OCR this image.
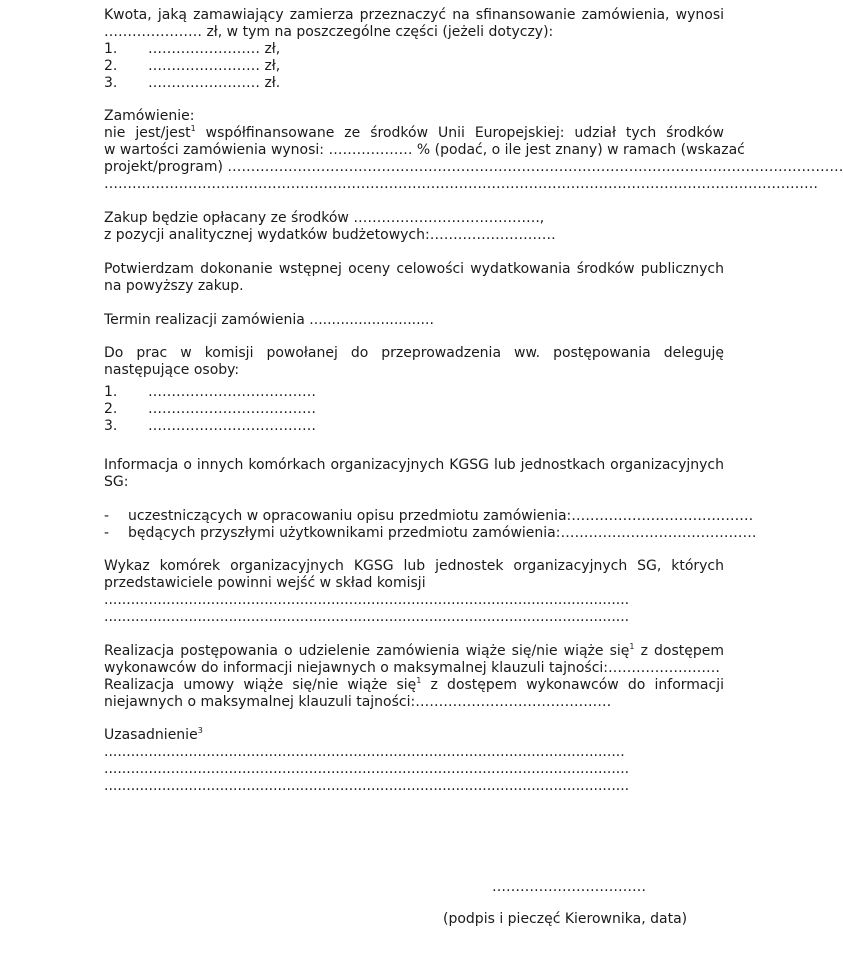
Kwota, jaką zamawiający zamierza przeznaczyć na sfinansowanie zamówienia, wynosi
………………… zł, w tym na poszczególne części (jeżeli dotyczy):
1. …………………… zł,
2. …………………… zł,
3. …………………… zł.
Zamówienie:
nie jest/jest$^1$ współfinansowane ze środków Unii Europejskiej: udział tych środków
w wartości zamówienia wynosi: ……………… % (podać, o ile jest znany) w ramach (wskazać
projekt/program) ……………………………………………………………………………………………………………………
………………………………………………………………………………………………………………………………………
Zakup będzie opłacany ze środków ………………………………….,
z pozycji analitycznej wydatków budżetowych:………………………
Potwierdzam dokonanie wstępnej oceny celowości wydatkowania środków publicznych
na powyższy zakup.
Termin realizacji zamówienia ............................
Do prac w komisji powołanej do przeprowadzenia ww. postępowania deleguję
następujące osoby:
1. ………………………………
2. ………………………………
3. ………………………………
Informacja o innych komórkach organizacyjnych KGSG lub jednostkach organizacyjnych
SG:
- uczestniczących w opracowaniu opisu przedmiotu zamówienia:…………………………………
- będących przyszłymi użytkownikami przedmiotu zamówienia:……………………………………
Wykaz komórek organizacyjnych KGSG lub jednostek organizacyjnych SG, których
przedstawiciele powinni wejść w skład komisji
......................................................................................................................
......................................................................................................................
Realizacja postępowania o udzielenie zamówienia wiąże się/nie wiąże się$^1$ z dostępem
wykonawców do informacji niejawnych o maksymalnej klauzuli tajności:……………………
Realizacja umowy wiąże się/nie wiąże się$^1$ z dostępem wykonawców do informacji
niejawnych o maksymalnej klauzuli tajności:……………………………………
Uzasadnienie$^3$
.....................................................................................................................
......................................................................................................................
......................................................................................................................
……………………………
(podpis i pieczęć Kierownika, data)
